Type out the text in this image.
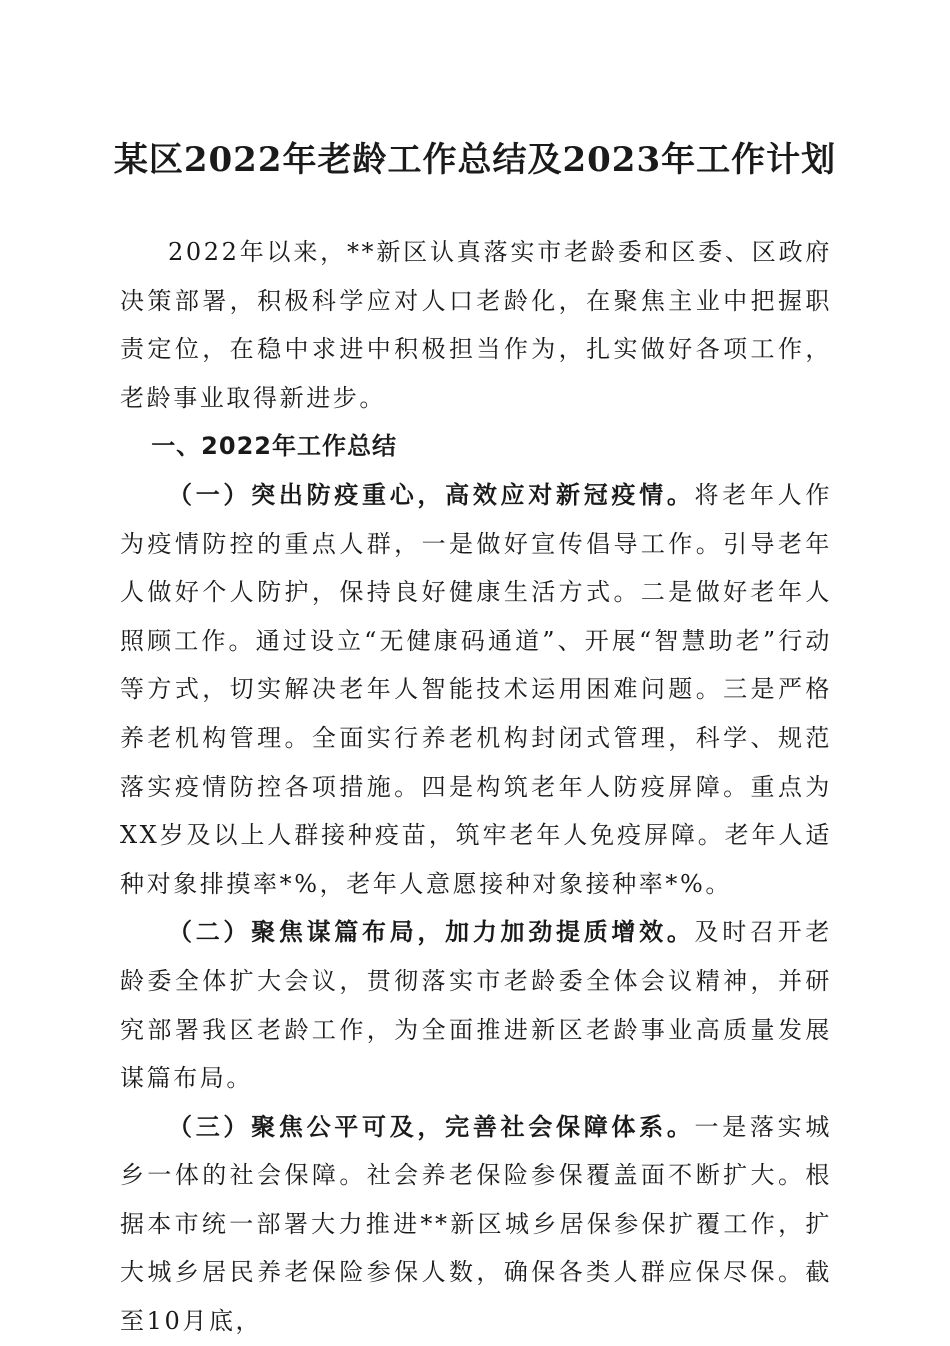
某区2022年老龄工作总结及2023年工作计划

2022年以来，**新区认真落实市老龄委和区委、区政府决策部署，积极科学应对人口老龄化，在聚焦主业中把握职责定位，在稳中求进中积极担当作为，扎实做好各项工作，老龄事业取得新进步。

一、2022年工作总结

（一）突出防疫重心，高效应对新冠疫情。将老年人作为疫情防控的重点人群，一是做好宣传倡导工作。引导老年人做好个人防护，保持良好健康生活方式。二是做好老年人照顾工作。通过设立“无健康码通道”、开展“智慧助老”行动等方式，切实解决老年人智能技术运用困难问题。三是严格养老机构管理。全面实行养老机构封闭式管理，科学、规范落实疫情防控各项措施。四是构筑老年人防疫屏障。重点为XX岁及以上人群接种疫苗，筑牢老年人免疫屏障。老年人适种对象排摸率*%，老年人意愿接种对象接种率*%。

（二）聚焦谋篇布局，加力加劲提质增效。及时召开老龄委全体扩大会议，贯彻落实市老龄委全体会议精神，并研究部署我区老龄工作，为全面推进新区老龄事业高质量发展谋篇布局。

（三）聚焦公平可及，完善社会保障体系。一是落实城乡一体的社会保障。社会养老保险参保覆盖面不断扩大。根据本市统一部署大力推进**新区城乡居保参保扩覆工作，扩大城乡居民养老保险参保人数，确保各类人群应保尽保。截至10月底，
